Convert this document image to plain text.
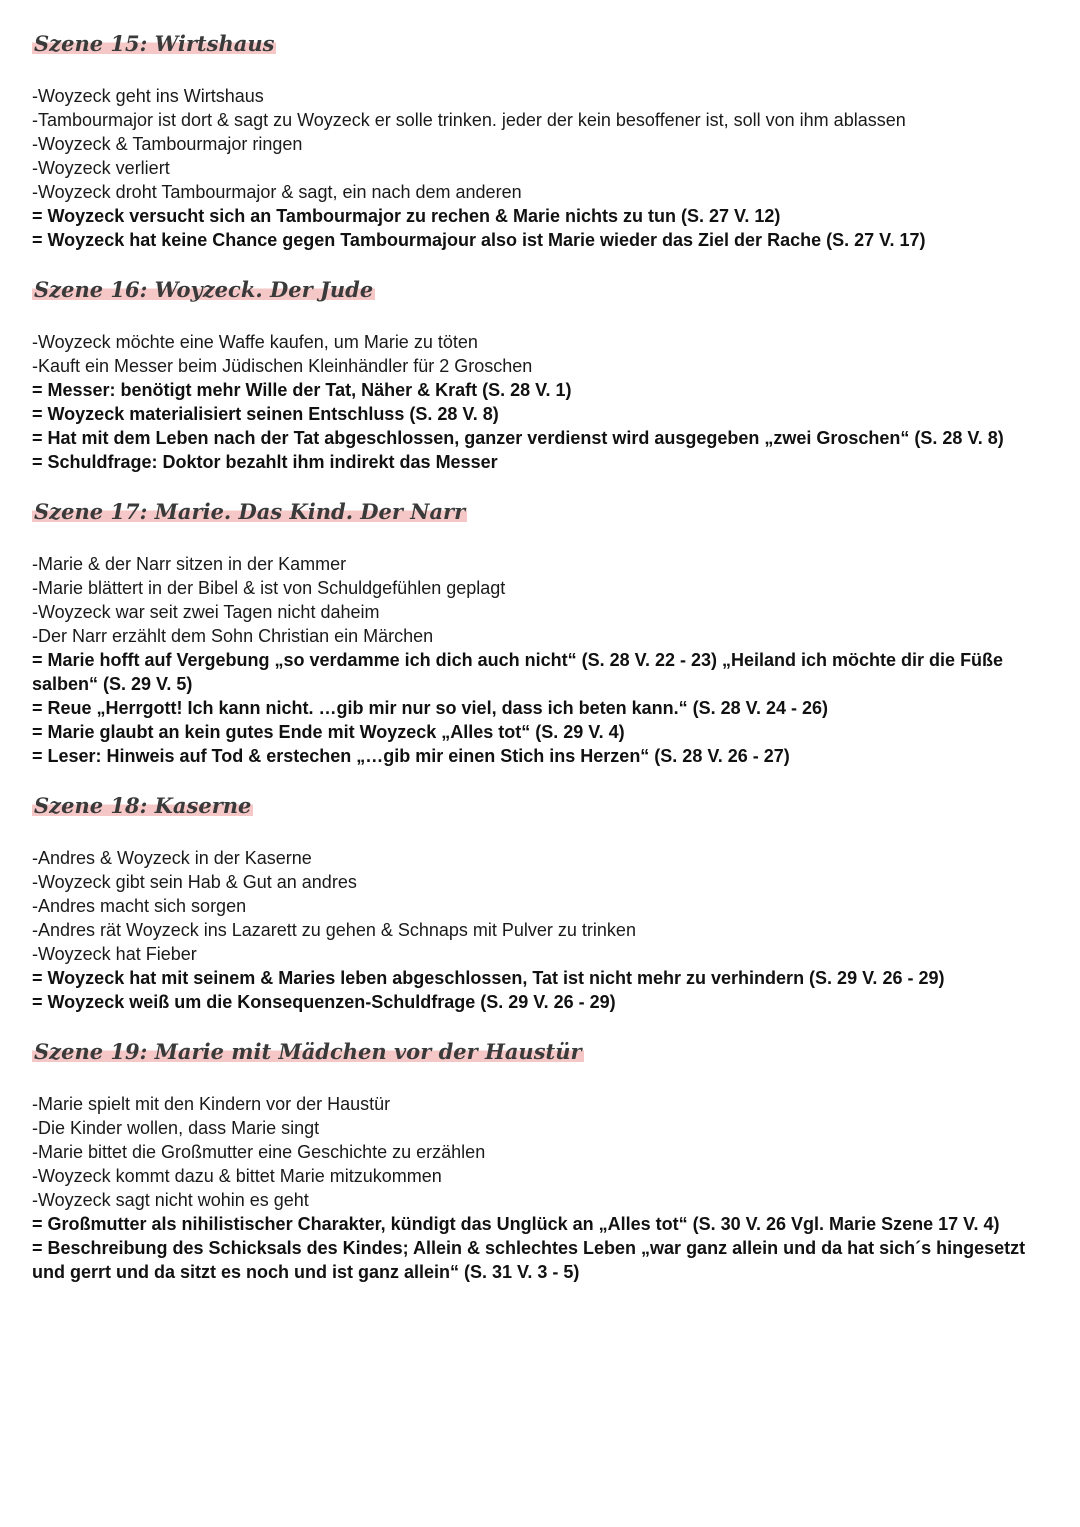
Szene 15: Wirtshaus

-Woyzeck geht ins Wirtshaus

-Tambourmajor ist dort & sagt zu Woyzeck er solle trinken. jeder der kein besoffener ist, soll von ihm ablassen

-Woyzeck & Tambourmajor ringen

-Woyzeck verliert

-Woyzeck droht Tambourmajor & sagt, ein nach dem anderen

= Woyzeck versucht sich an Tambourmajor zu rechen & Marie nichts zu tun (S. 27 V. 12)

= Woyzeck hat keine Chance gegen Tambourmajour also ist Marie wieder das Ziel der Rache (S. 27 V. 17)

Szene 16: Woyzeck. Der Jude

-Woyzeck möchte eine Waffe kaufen, um Marie zu töten

-Kauft ein Messer beim Jüdischen Kleinhändler für 2 Groschen

= Messer: benötigt mehr Wille der Tat, Näher & Kraft (S. 28 V. 1)

= Woyzeck materialisiert seinen Entschluss (S. 28 V. 8)

= Hat mit dem Leben nach der Tat abgeschlossen, ganzer verdienst wird ausgegeben „zwei Groschen“ (S. 28 V. 8)

= Schuldfrage: Doktor bezahlt ihm indirekt das Messer

Szene 17: Marie. Das Kind. Der Narr

-Marie & der Narr sitzen in der Kammer

-Marie blättert in der Bibel & ist von Schuldgefühlen geplagt

-Woyzeck war seit zwei Tagen nicht daheim

-Der Narr erzählt dem Sohn Christian ein Märchen

= Marie hofft auf Vergebung „so verdamme ich dich auch nicht“ (S. 28 V. 22 - 23) „Heiland ich möchte dir die Füße salben“ (S. 29 V. 5)

= Reue „Herrgott! Ich kann nicht. …gib mir nur so viel, dass ich beten kann.“ (S. 28 V. 24 - 26)

= Marie glaubt an kein gutes Ende mit Woyzeck „Alles tot“ (S. 29 V. 4)

= Leser: Hinweis auf Tod & erstechen „…gib mir einen Stich ins Herzen“ (S. 28 V. 26 - 27)

Szene 18: Kaserne

-Andres & Woyzeck in der Kaserne

-Woyzeck gibt sein Hab & Gut an andres

-Andres macht sich sorgen

-Andres rät Woyzeck ins Lazarett zu gehen & Schnaps mit Pulver zu trinken

-Woyzeck hat Fieber

= Woyzeck hat mit seinem & Maries leben abgeschlossen, Tat ist nicht mehr zu verhindern (S. 29 V. 26 - 29)

= Woyzeck weiß um die Konsequenzen-Schuldfrage (S. 29 V. 26 - 29)

Szene 19: Marie mit Mädchen vor der Haustür

-Marie spielt mit den Kindern vor der Haustür

-Die Kinder wollen, dass Marie singt

-Marie bittet die Großmutter eine Geschichte zu erzählen

-Woyzeck kommt dazu & bittet Marie mitzukommen

-Woyzeck sagt nicht wohin es geht

= Großmutter als nihilistischer Charakter, kündigt das Unglück an „Alles tot“ (S. 30 V. 26 Vgl. Marie Szene 17 V. 4)

= Beschreibung des Schicksals des Kindes; Allein & schlechtes Leben „war ganz allein und da hat sich´s hingesetzt und gerrt und da sitzt es noch und ist ganz allein“ (S. 31 V. 3 - 5)
